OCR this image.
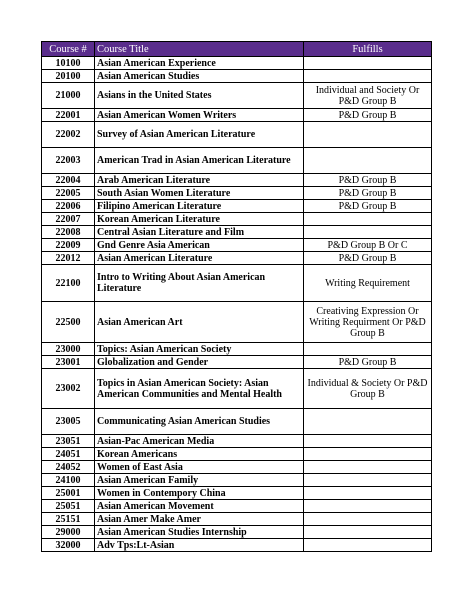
Course #	Course Title	Fulfills
10100	Asian American Experience	
20100	Asian American Studies	
21000	Asians in the United States	Individual and Society Or P&D Group B
22001	Asian American Women Writers	P&D Group B
22002	Survey of Asian American Literature	
22003	American Trad in Asian American Literature	
22004	Arab American Literature	P&D Group B
22005	South Asian Women Literature	P&D Group B
22006	Filipino American Literature	P&D Group B
22007	Korean American Literature	
22008	Central Asian Literature and Film	
22009	Gnd Genre Asia American	P&D Group B Or C
22012	Asian American Literature	P&D Group B
22100	Intro to Writing About Asian American Literature	Writing Requirement
22500	Asian American Art	Creativing Expression Or Writing Requirment Or P&D Group B
23000	Topics: Asian American Society	
23001	Globalization and Gender	P&D Group B
23002	Topics in Asian American Society: Asian American Communities and Mental Health	Individual & Society Or P&D Group B
23005	Communicating Asian American Studies	
23051	Asian-Pac American Media	
24051	Korean Americans	
24052	Women of East Asia	
24100	Asian American Family	
25001	Women in Contempory China	
25051	Asian American Movement	
25151	Asian Amer Make Amer	
29000	Asian American Studies Internship	
32000	Adv Tps:Lt-Asian	
